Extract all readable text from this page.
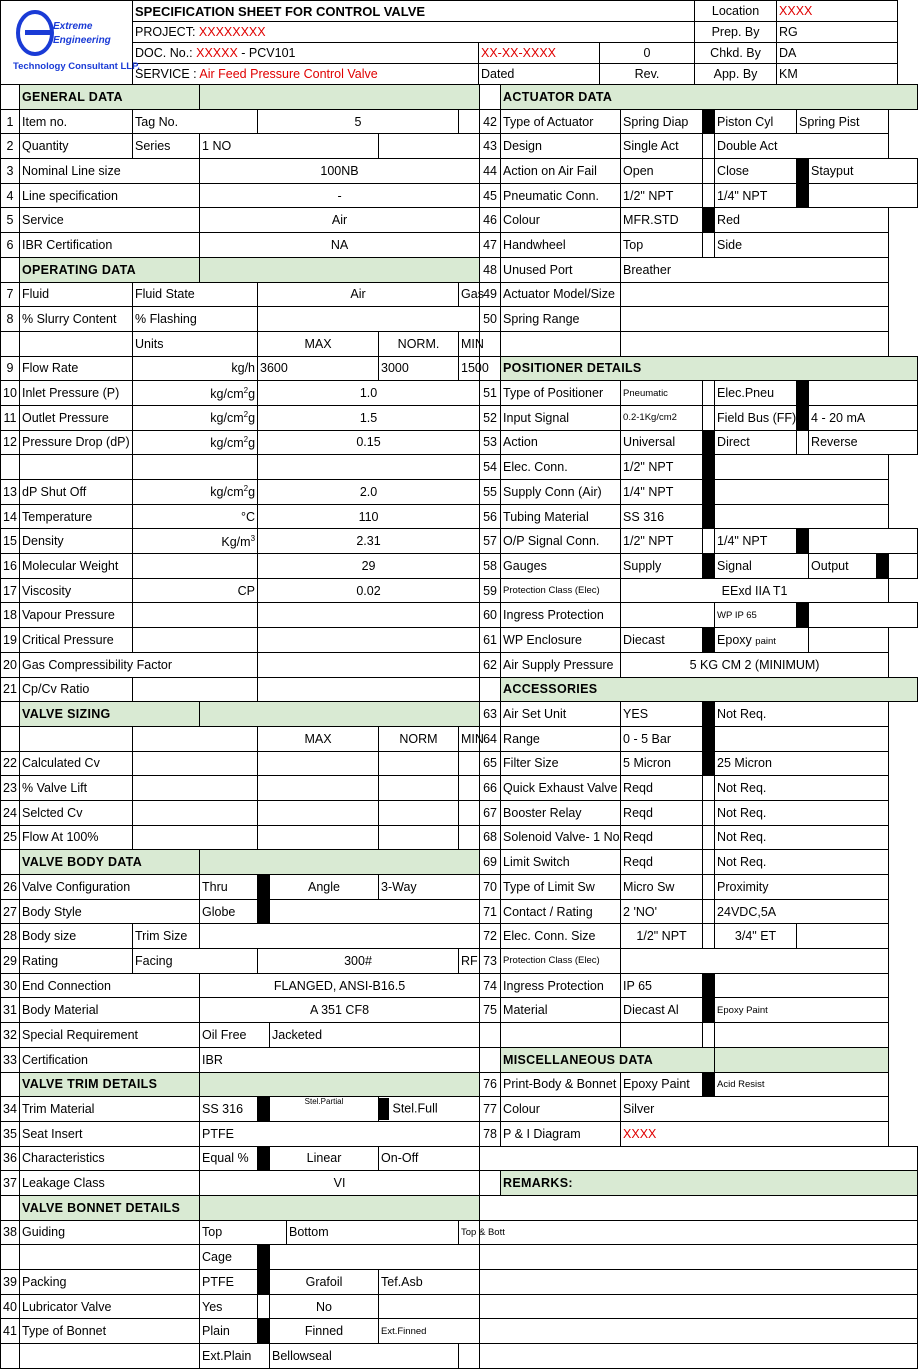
Extreme
Engineering
Technology Consultant LLP.	SPECIFICATION SHEET FOR CONTROL VALVE			Location	XXXX
	PROJECT: XXXXXXXX			Prep. By	RG
	DOC. No.: XXXXX - PCV101	XX-XX-XXXX	0	Chkd. By	DA
	SERVICE : Air Feed Pressure Control Valve	Dated	Rev.	App. By	KM
	GENERAL DATA									ACTUATOR DATA							
1	Item no.	Tag No.		5					42	Type of Actuator	Spring Diap		Piston Cyl	Spring Pist			
2	Quantity	Series	1 NO						43	Design	Single Act		Double Act				
3	Nominal Line size		100NB						44	Action on Air Fail	Open		Close		Stayput		
4	Line specification		-						45	Pneumatic Conn.	1/2" NPT		1/4" NPT				
5	Service		Air						46	Colour	MFR.STD		Red				
6	IBR Certification		NA						47	Handwheel	Top		Side				
	OPERATING DATA								48	Unused Port	Breather						
7	Fluid	Fluid State		Air				Gas	49	Actuator Model/Size							
8	% Slurry Content	% Flashing							50	Spring Range							
		Units		MAX			NORM.	MIN									
9	Flow Rate	kg/h		3600			3000	1500		POSITIONER DETAILS							
10	Inlet Pressure (P)	$kg/cm^2g$		1.0					51	Type of Positioner	Pneumatic		Elec.Pneu				
11	Outlet Pressure	$kg/cm^2g$		1.5					52	Input Signal	0.2-1Kg/cm2		Field Bus (FF)		4 - 20 mA		
12	Pressure Drop (dP)	$kg/cm^2g$		0.15					53	Action	Universal		Direct		Reverse		
									54	Elec. Conn.	1/2" NPT						
13	dP Shut Off	$kg/cm^2g$		2.0					55	Supply Conn (Air)	1/4" NPT						
14	Temperature	°C		110					56	Tubing Material	SS 316						
15	Density	$Kg/m^3$		2.31					57	O/P Signal Conn.	1/2" NPT		1/4" NPT				
16	Molecular Weight			29					58	Gauges	Supply		Signal		Output		
17	Viscosity	CP		0.02					59	Protection Class (Elec)	EExd IIA T1						
18	Vapour Pressure								60	Ingress Protection			WP IP 65				
19	Critical Pressure								61	WP Enclosure	Diecast		Epoxy paint				
20	Gas Compressibility Factor								62	Air Supply Pressure	5 KG CM 2 (MINIMUM)						
21	Cp/Cv Ratio									ACCESSORIES							
	VALVE SIZING								63	Air Set Unit	YES		Not Req.				
				MAX			NORM	MIN	64	Range	0 - 5 Bar						
22	Calculated Cv								65	Filter Size	5 Micron		25 Micron				
23	% Valve Lift								66	Quick Exhaust Valve	Reqd		Not Req.				
24	Selcted Cv								67	Booster Relay	Reqd		Not Req.				
25	Flow At 100%								68	Solenoid Valve- 1 No	Reqd		Not Req.				
	VALVE BODY DATA								69	Limit Switch	Reqd		Not Req.				
26	Valve Configuration		Thru		Angle		3-Way		70	Type of Limit Sw	Micro Sw		Proximity				
27	Body Style		Globe						71	Contact / Rating	2 'NO'		24VDC,5A				
28	Body size	Trim Size							72	Elec. Conn. Size	1/2" NPT		3/4" ET				
29	Rating	Facing		300#				RF	73	Protection Class (Elec)							
30	End Connection		FLANGED, ANSI-B16.5						74	Ingress Protection	IP 65						
31	Body Material		A 351 CF8						75	Material	Diecast Al		Epoxy Paint				
32	Special Requirement		Oil Free		Jacketed												
33	Certification		IBR							MISCELLANEOUS DATA							
	VALVE TRIM DETAILS								76	Print-Body & Bonnet	Epoxy Paint		Acid Resist				
34	Trim Material		SS 316		Stel.Partial		Stel.Full		77	Colour	Silver						
35	Seat Insert		PTFE						78	P & I Diagram	XXXX						
36	Characteristics		Equal %		Linear		On-Off										
37	Leakage Class		VI							REMARKS:							
	VALVE BONNET DETAILS																
38	Guiding		Top			Bottom		Top & Bott									
			Cage														
39	Packing		PTFE		Grafoil		Tef.Asb										
40	Lubricator Valve		Yes		No												
41	Type of Bonnet		Plain		Finned		Ext.Finned										
			Ext.Plain		Bellowseal												
